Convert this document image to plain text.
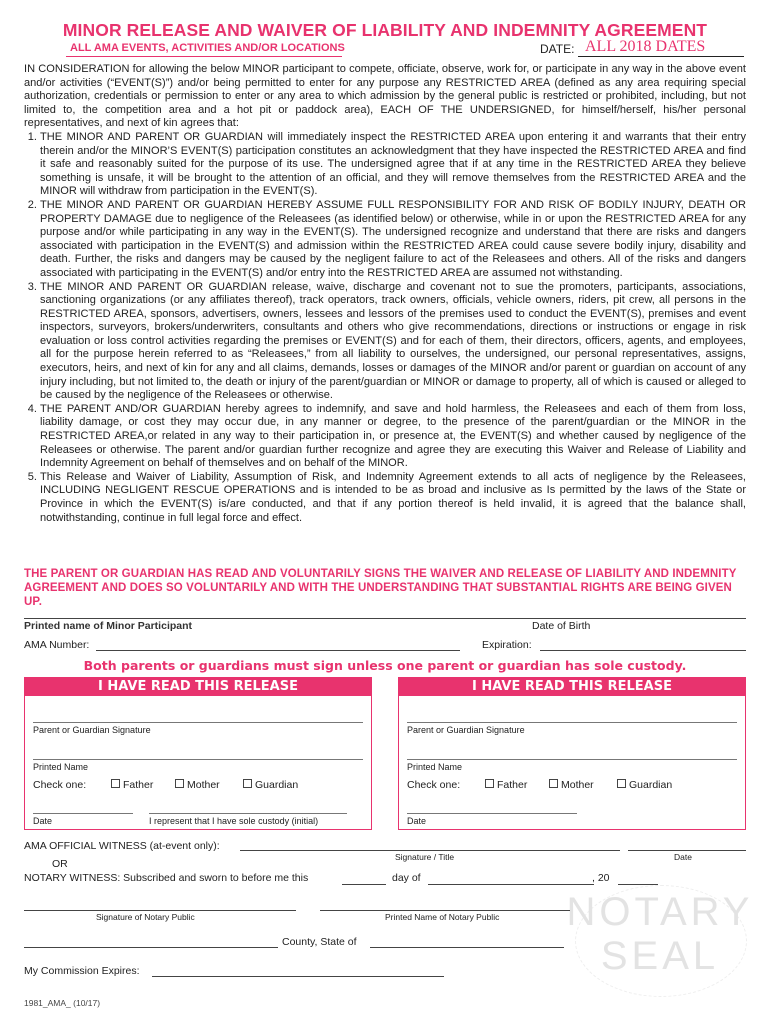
MINOR RELEASE AND WAIVER OF LIABILITY AND INDEMNITY AGREEMENT
ALL AMA EVENTS, ACTIVITIES AND/OR LOCATIONS	DATE: ALL 2018 DATES

IN CONSIDERATION for allowing the below MINOR participant to compete, officiate, observe, work for, or participate in any way in the above event and/or activities (“EVENT(S)”) and/or being permitted to enter for any purpose any RESTRICTED AREA (defined as any area requiring special authorization, credentials or permission to enter or any area to which admission by the general public is restricted or prohibited, including, but not limited to, the competition area and a hot pit or paddock area), EACH OF THE UNDERSIGNED, for himself/herself, his/her personal representatives, and next of kin agrees that:

1. THE MINOR AND PARENT OR GUARDIAN will immediately inspect the RESTRICTED AREA upon entering it and warrants that their entry therein and/or the MINOR’S EVENT(S) participation constitutes an acknowledgment that they have inspected the RESTRICTED AREA and find it safe and reasonably suited for the purpose of its use. The undersigned agree that if at any time in the RESTRICTED AREA they believe something is unsafe, it will be brought to the attention of an official, and they will remove themselves from the RESTRICTED AREA and the MINOR will withdraw from participation in the EVENT(S).
2. THE MINOR AND PARENT OR GUARDIAN HEREBY ASSUME FULL RESPONSIBILITY FOR AND RISK OF BODILY INJURY, DEATH OR PROPERTY DAMAGE due to negligence of the Releasees (as identified below) or otherwise, while in or upon the RESTRICTED AREA for any purpose and/or while participating in any way in the EVENT(S). The undersigned recognize and understand that there are risks and dangers associated with participation in the EVENT(S) and admission within the RESTRICTED AREA could cause severe bodily injury, disability and death. Further, the risks and dangers may be caused by the negligent failure to act of the Releasees and others. All of the risks and dangers associated with participating in the EVENT(S) and/or entry into the RESTRICTED AREA are assumed not withstanding.
3. THE MINOR AND PARENT OR GUARDIAN release, waive, discharge and covenant not to sue the promoters, participants, associations, sanctioning organizations (or any affiliates thereof), track operators, track owners, officials, vehicle owners, riders, pit crew, all persons in the RESTRICTED AREA, sponsors, advertisers, owners, lessees and lessors of the premises used to conduct the EVENT(S), premises and event inspectors, surveyors, brokers/underwriters, consultants and others who give recommendations, directions or instructions or engage in risk evaluation or loss control activities regarding the premises or EVENT(S) and for each of them, their directors, officers, agents, and employees, all for the purpose herein referred to as “Releasees,” from all liability to ourselves, the undersigned, our personal representatives, assigns, executors, heirs, and next of kin for any and all claims, demands, losses or damages of the MINOR and/or parent or guardian on account of any injury including, but not limited to, the death or injury of the parent/guardian or MINOR or damage to property, all of which is caused or alleged to be caused by the negligence of the Releasees or otherwise.
4. THE PARENT AND/OR GUARDIAN hereby agrees to indemnify, and save and hold harmless, the Releasees and each of them from loss, liability damage, or cost they may occur due, in any manner or degree, to the presence of the parent/guardian or the MINOR in the RESTRICTED AREA,or related in any way to their participation in, or presence at, the EVENT(S) and whether caused by negligence of the Releasees or otherwise. The parent and/or guardian further recognize and agree they are executing this Waiver and Release of Liability and Indemnity Agreement on behalf of themselves and on behalf of the MINOR.
5. This Release and Waiver of Liability, Assumption of Risk, and Indemnity Agreement extends to all acts of negligence by the Releasees, INCLUDING NEGLIGENT RESCUE OPERATIONS and is intended to be as broad and inclusive as Is permitted by the laws of the State or Province in which the EVENT(S) is/are conducted, and that if any portion thereof is held invalid, it is agreed that the balance shall, notwithstanding, continue in full legal force and effect.
THE PARENT OR GUARDIAN HAS READ AND VOLUNTARILY SIGNS THE WAIVER AND RELEASE OF LIABILITY AND INDEMNITY AGREEMENT AND DOES SO VOLUNTARILY AND WITH THE UNDERSTANDING THAT SUBSTANTIAL RIGHTS ARE BEING GIVEN UP.
Printed name of Minor Participant	Date of Birth
AMA Number:	Expiration:
Both parents or guardians must sign unless one parent or guardian has sole custody.
I HAVE READ THIS RELEASE
Parent or Guardian Signature
Printed Name
Check one:	Father	Mother	Guardian
Date	I represent that I have sole custody (initial)
I HAVE READ THIS RELEASE
Parent or Guardian Signature
Printed Name
Check one:	Father	Mother	Guardian
Date
AMA OFFICIAL WITNESS (at-event only):
Signature / Title	Date
OR
NOTARY WITNESS: Subscribed and sworn to before me this	day of	, 20
NOTARY
SEAL
Signature of Notary Public	Printed Name of Notary Public
County, State of
My Commission Expires:
1981_AMA_ (10/17)
